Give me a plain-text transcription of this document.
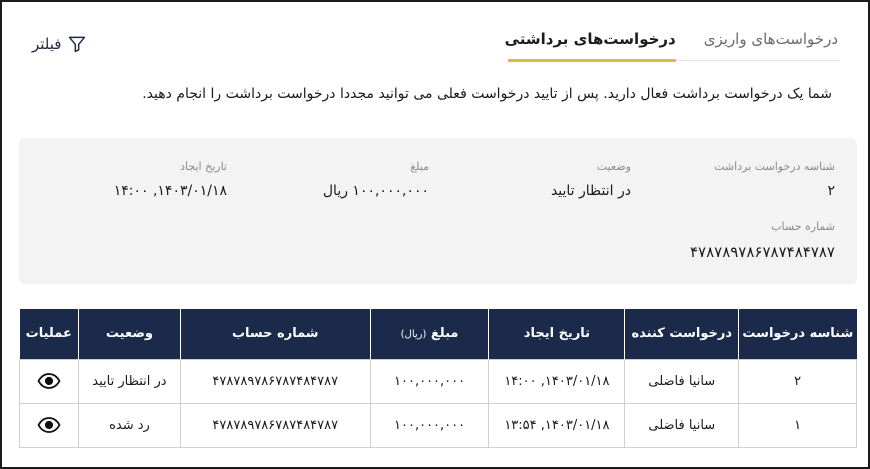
درخواست‌های واریزی
درخواست‌های برداشتی
فیلتر
شما یک درخواست برداشت فعال دارید. پس از تایید درخواست فعلی می توانید مجددا درخواست برداشت را انجام دهید.
شناسه درخواست برداشت
۲
وضعیت
در انتظار تایید
مبلغ
۱۰۰,۰۰۰,۰۰۰ ریال
تاریخ ایجاد
۱۴۰۳/۰۱/۱۸, ۱۴:۰۰
شماره حساب
۴۷۸۷۸۹۷۸۶۷۸۷۴۸۴۷۸۷
شناسه درخواست	درخواست کننده	تاریخ ایجاد	مبلغ (ریال)	شماره حساب	وضعیت	عملیات
۲	سانیا فاضلی	۱۴۰۳/۰۱/۱۸, ۱۴:۰۰	۱۰۰,۰۰۰,۰۰۰	۴۷۸۷۸۹۷۸۶۷۸۷۴۸۴۷۸۷	در انتظار تایید	
۱	سانیا فاضلی	۱۴۰۳/۰۱/۱۸, ۱۳:۵۴	۱۰۰,۰۰۰,۰۰۰	۴۷۸۷۸۹۷۸۶۷۸۷۴۸۴۷۸۷	رد شده	
